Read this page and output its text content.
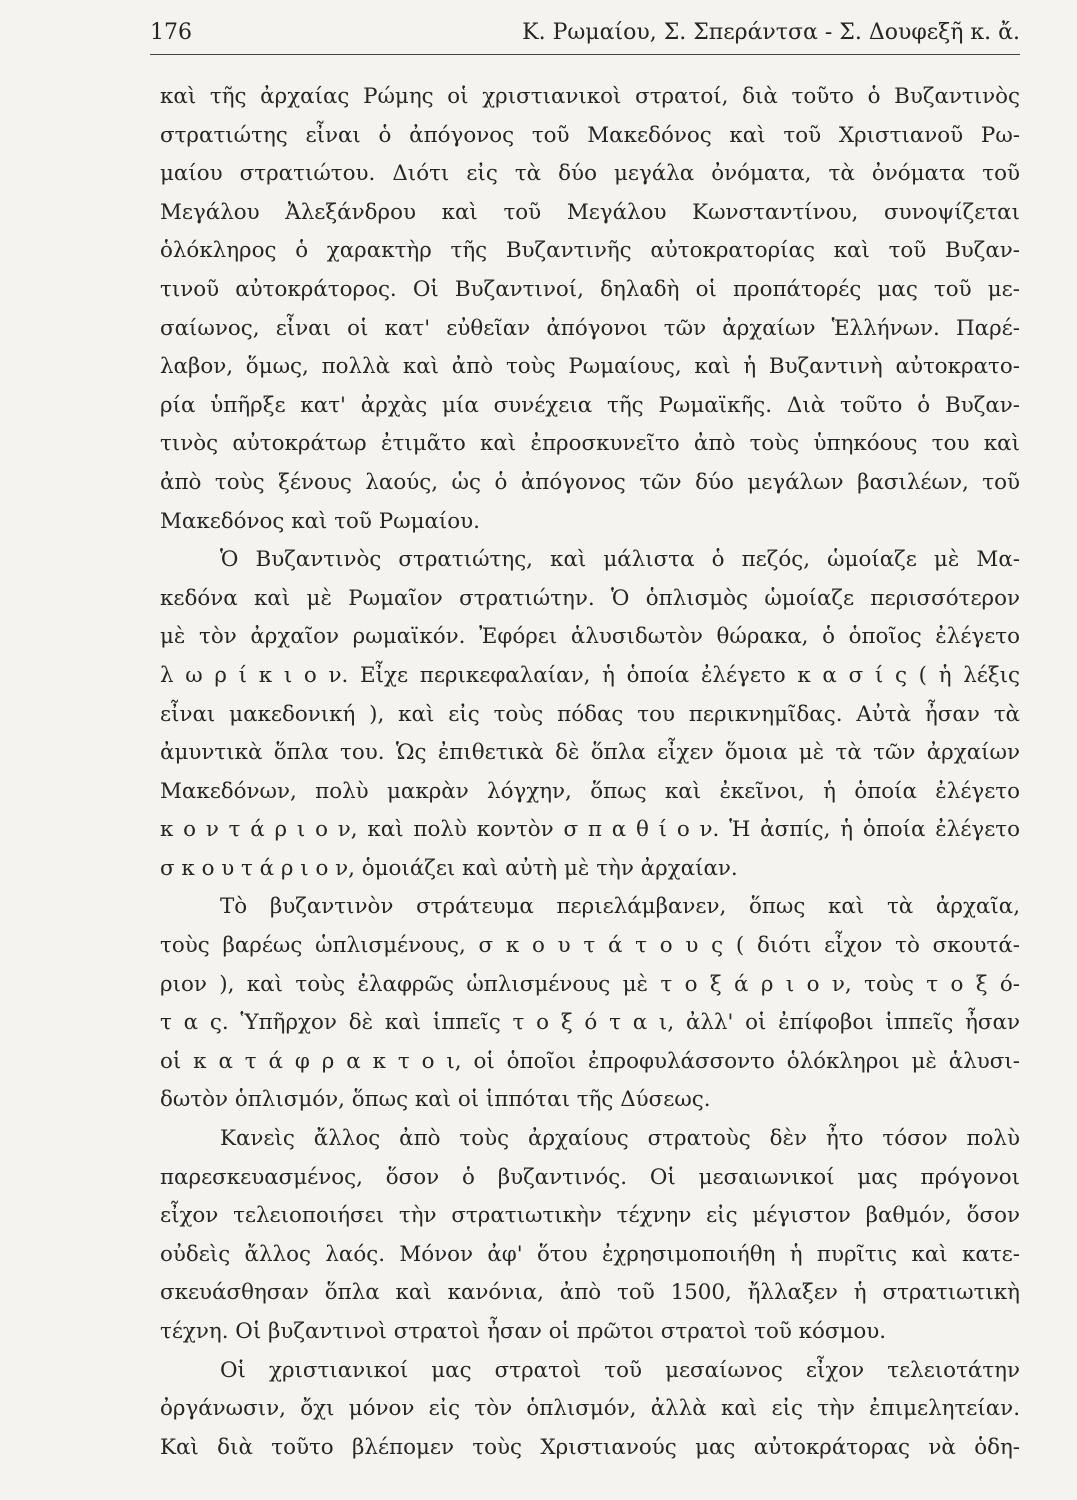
176	Κ. Ρωμαίου, Σ. Σπεράντσα - Σ. Δουφεξῆ κ. ἄ.
καὶ τῆς ἀρχαίας Ρώμης οἱ χριστιανικοὶ στρατοί, διὰ τοῦτο ὁ Βυζαντινὸς
στρατιώτης εἶναι ὁ ἀπόγονος τοῦ Μακεδόνος καὶ τοῦ Χριστιανοῦ Ρω-
μαίου στρατιώτου. Διότι εἰς τὰ δύο μεγάλα ὀνόματα, τὰ ὀνόματα τοῦ
Μεγάλου Ἀλεξάνδρου καὶ τοῦ Μεγάλου Κωνσταντίνου, συνοψίζεται
ὁλόκληρος ὁ χαρακτὴρ τῆς Βυζαντινῆς αὐτοκρατορίας καὶ τοῦ Βυζαν-
τινοῦ αὐτοκράτορος. Οἱ Βυζαντινοί, δηλαδὴ οἱ προπάτορές μας τοῦ με-
σαίωνος, εἶναι οἱ κατ' εὐθεῖαν ἀπόγονοι τῶν ἀρχαίων Ἑλλήνων. Παρέ-
λαβον, ὅμως, πολλὰ καὶ ἀπὸ τοὺς Ρωμαίους, καὶ ἡ Βυζαντινὴ αὐτοκρατο-
ρία ὑπῆρξε κατ' ἀρχὰς μία συνέχεια τῆς Ρωμαϊκῆς. Διὰ τοῦτο ὁ Βυζαν-
τινὸς αὐτοκράτωρ ἐτιμᾶτο καὶ ἐπροσκυνεῖτο ἀπὸ τοὺς ὑπηκόους του καὶ
ἀπὸ τοὺς ξένους λαούς, ὡς ὁ ἀπόγονος τῶν δύο μεγάλων βασιλέων, τοῦ
Μακεδόνος καὶ τοῦ Ρωμαίου.
Ὁ Βυζαντινὸς στρατιώτης, καὶ μάλιστα ὁ πεζός, ὡμοίαζε μὲ Μα-
κεδόνα καὶ μὲ Ρωμαῖον στρατιώτην. Ὁ ὁπλισμὸς ὡμοίαζε περισσότερον
μὲ τὸν ἀρχαῖον ρωμαϊκόν. Ἐφόρει ἁλυσιδωτὸν θώρακα, ὁ ὁποῖος ἐλέγετο
λ ω ρ ί κ ι ο ν. Εἶχε περικεφαλαίαν, ἡ ὁποία ἐλέγετο κ α σ ί ς ( ἡ λέξις
εἶναι μακεδονική ), καὶ εἰς τοὺς πόδας του περικνημῖδας. Αὐτὰ ἦσαν τὰ
ἀμυντικὰ ὅπλα του. Ὡς ἐπιθετικὰ δὲ ὅπλα εἶχεν ὅμοια μὲ τὰ τῶν ἀρχαίων
Μακεδόνων, πολὺ μακρὰν λόγχην, ὅπως καὶ ἐκεῖνοι, ἡ ὁποία ἐλέγετο
κ ο ν τ ά ρ ι ο ν, καὶ πολὺ κοντὸν σ π α θ ί ο ν. Ἡ ἀσπίς, ἡ ὁποία ἐλέγετο
σ κ ο υ τ ά ρ ι ο ν, ὁμοιάζει καὶ αὐτὴ μὲ τὴν ἀρχαίαν.
Τὸ βυζαντινὸν στράτευμα περιελάμβανεν, ὅπως καὶ τὰ ἀρχαῖα,
τοὺς βαρέως ὡπλισμένους, σ κ ο υ τ ά τ ο υ ς ( διότι εἶχον τὸ σκουτά-
ριον ), καὶ τοὺς ἐλαφρῶς ὡπλισμένους μὲ τ ο ξ ά ρ ι ο ν, τοὺς τ ο ξ ό-
τ α ς. Ὑπῆρχον δὲ καὶ ἱππεῖς τ ο ξ ό τ α ι, ἀλλ' οἱ ἐπίφοβοι ἱππεῖς ἦσαν
οἱ κ α τ ά φ ρ α κ τ ο ι, οἱ ὁποῖοι ἐπροφυλάσσοντο ὁλόκληροι μὲ ἁλυσι-
δωτὸν ὁπλισμόν, ὅπως καὶ οἱ ἱππόται τῆς Δύσεως.
Κανεὶς ἄλλος ἀπὸ τοὺς ἀρχαίους στρατοὺς δὲν ἦτο τόσον πολὺ
παρεσκευασμένος, ὅσον ὁ βυζαντινός. Οἱ μεσαιωνικοί μας πρόγονοι
εἶχον τελειοποιήσει τὴν στρατιωτικὴν τέχνην εἰς μέγιστον βαθμόν, ὅσον
οὐδεὶς ἄλλος λαός. Μόνον ἀφ' ὅτου ἐχρησιμοποιήθη ἡ πυρῖτις καὶ κατε-
σκευάσθησαν ὅπλα καὶ κανόνια, ἀπὸ τοῦ 1500, ἤλλαξεν ἡ στρατιωτικὴ
τέχνη. Οἱ βυζαντινοὶ στρατοὶ ἦσαν οἱ πρῶτοι στρατοὶ τοῦ κόσμου.
Οἱ χριστιανικοί μας στρατοὶ τοῦ μεσαίωνος εἶχον τελειοτάτην
ὀργάνωσιν, ὄχι μόνον εἰς τὸν ὁπλισμόν, ἀλλὰ καὶ εἰς τὴν ἐπιμελητείαν.
Καὶ διὰ τοῦτο βλέπομεν τοὺς Χριστιανούς μας αὐτοκράτορας νὰ ὁδη-
